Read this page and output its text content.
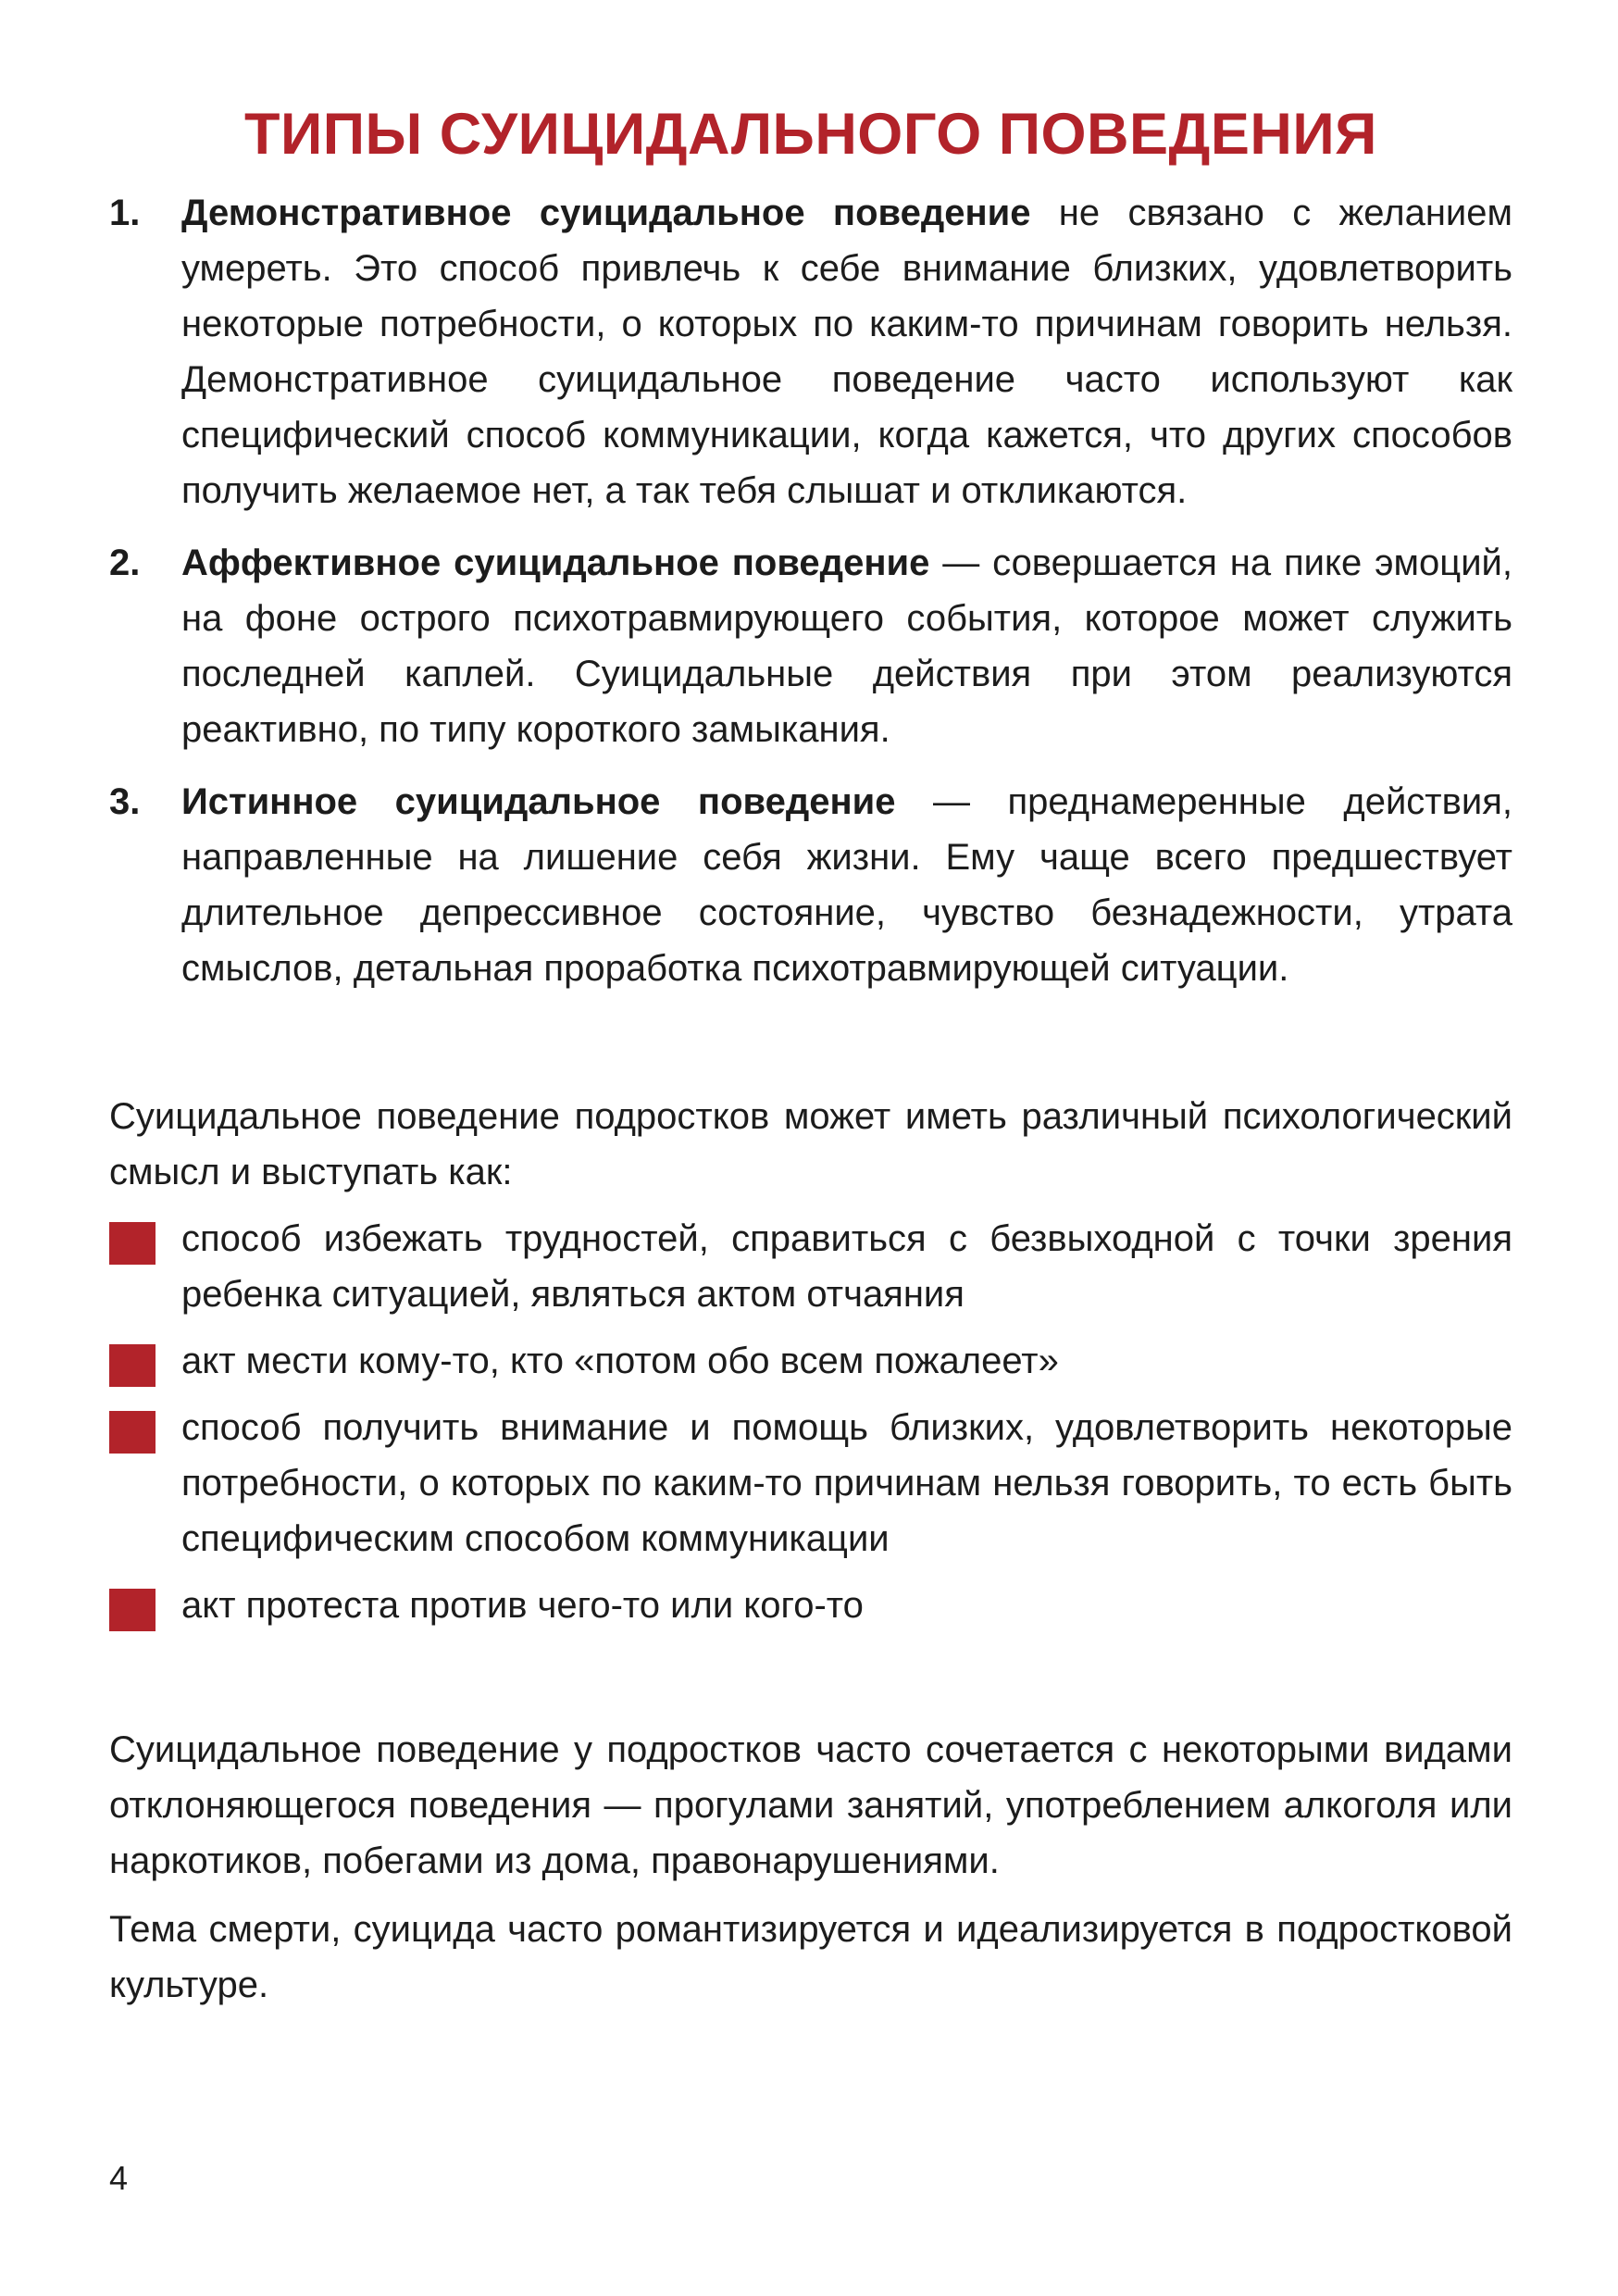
ТИПЫ СУИЦИДАЛЬНОГО ПОВЕДЕНИЯ
1. Демонстративное суицидальное поведение не связано с желанием умереть. Это способ привлечь к себе внимание близких, удовлетворить некоторые потребности, о которых по каким-то причинам говорить нельзя. Демонстративное суицидальное поведение часто используют как специфический способ коммуникации, когда кажется, что других способов получить желаемое нет, а так тебя слышат и откликаются.
2. Аффективное суицидальное поведение — совершается на пике эмоций, на фоне острого психотравмирующего события, которое может служить последней каплей. Суицидальные действия при этом реализуются реактивно, по типу короткого замыкания.
3. Истинное суицидальное поведение — преднамеренные действия, направленные на лишение себя жизни. Ему чаще всего предшествует длительное депрессивное состояние, чувство безнадежности, утрата смыслов, детальная проработка психотравмирующей ситуации.

Суицидальное поведение подростков может иметь различный психологический смысл и выступать как:

способ избежать трудностей, справиться с безвыходной с точки зрения ребенка ситуацией, являться актом отчаяния
акт мести кому-то, кто «потом обо всем пожалеет»
способ получить внимание и помощь близких, удовлетворить некоторые потребности, о которых по каким-то причинам нельзя говорить, то есть быть специфическим способом коммуникации
акт протеста против чего-то или кого-то

Суицидальное поведение у подростков часто сочетается с некоторыми видами отклоняющегося поведения — прогулами занятий, употреблением алкоголя или наркотиков, побегами из дома, правонарушениями.

Тема смерти, суицида часто романтизируется и идеализируется в подростковой культуре.

4
